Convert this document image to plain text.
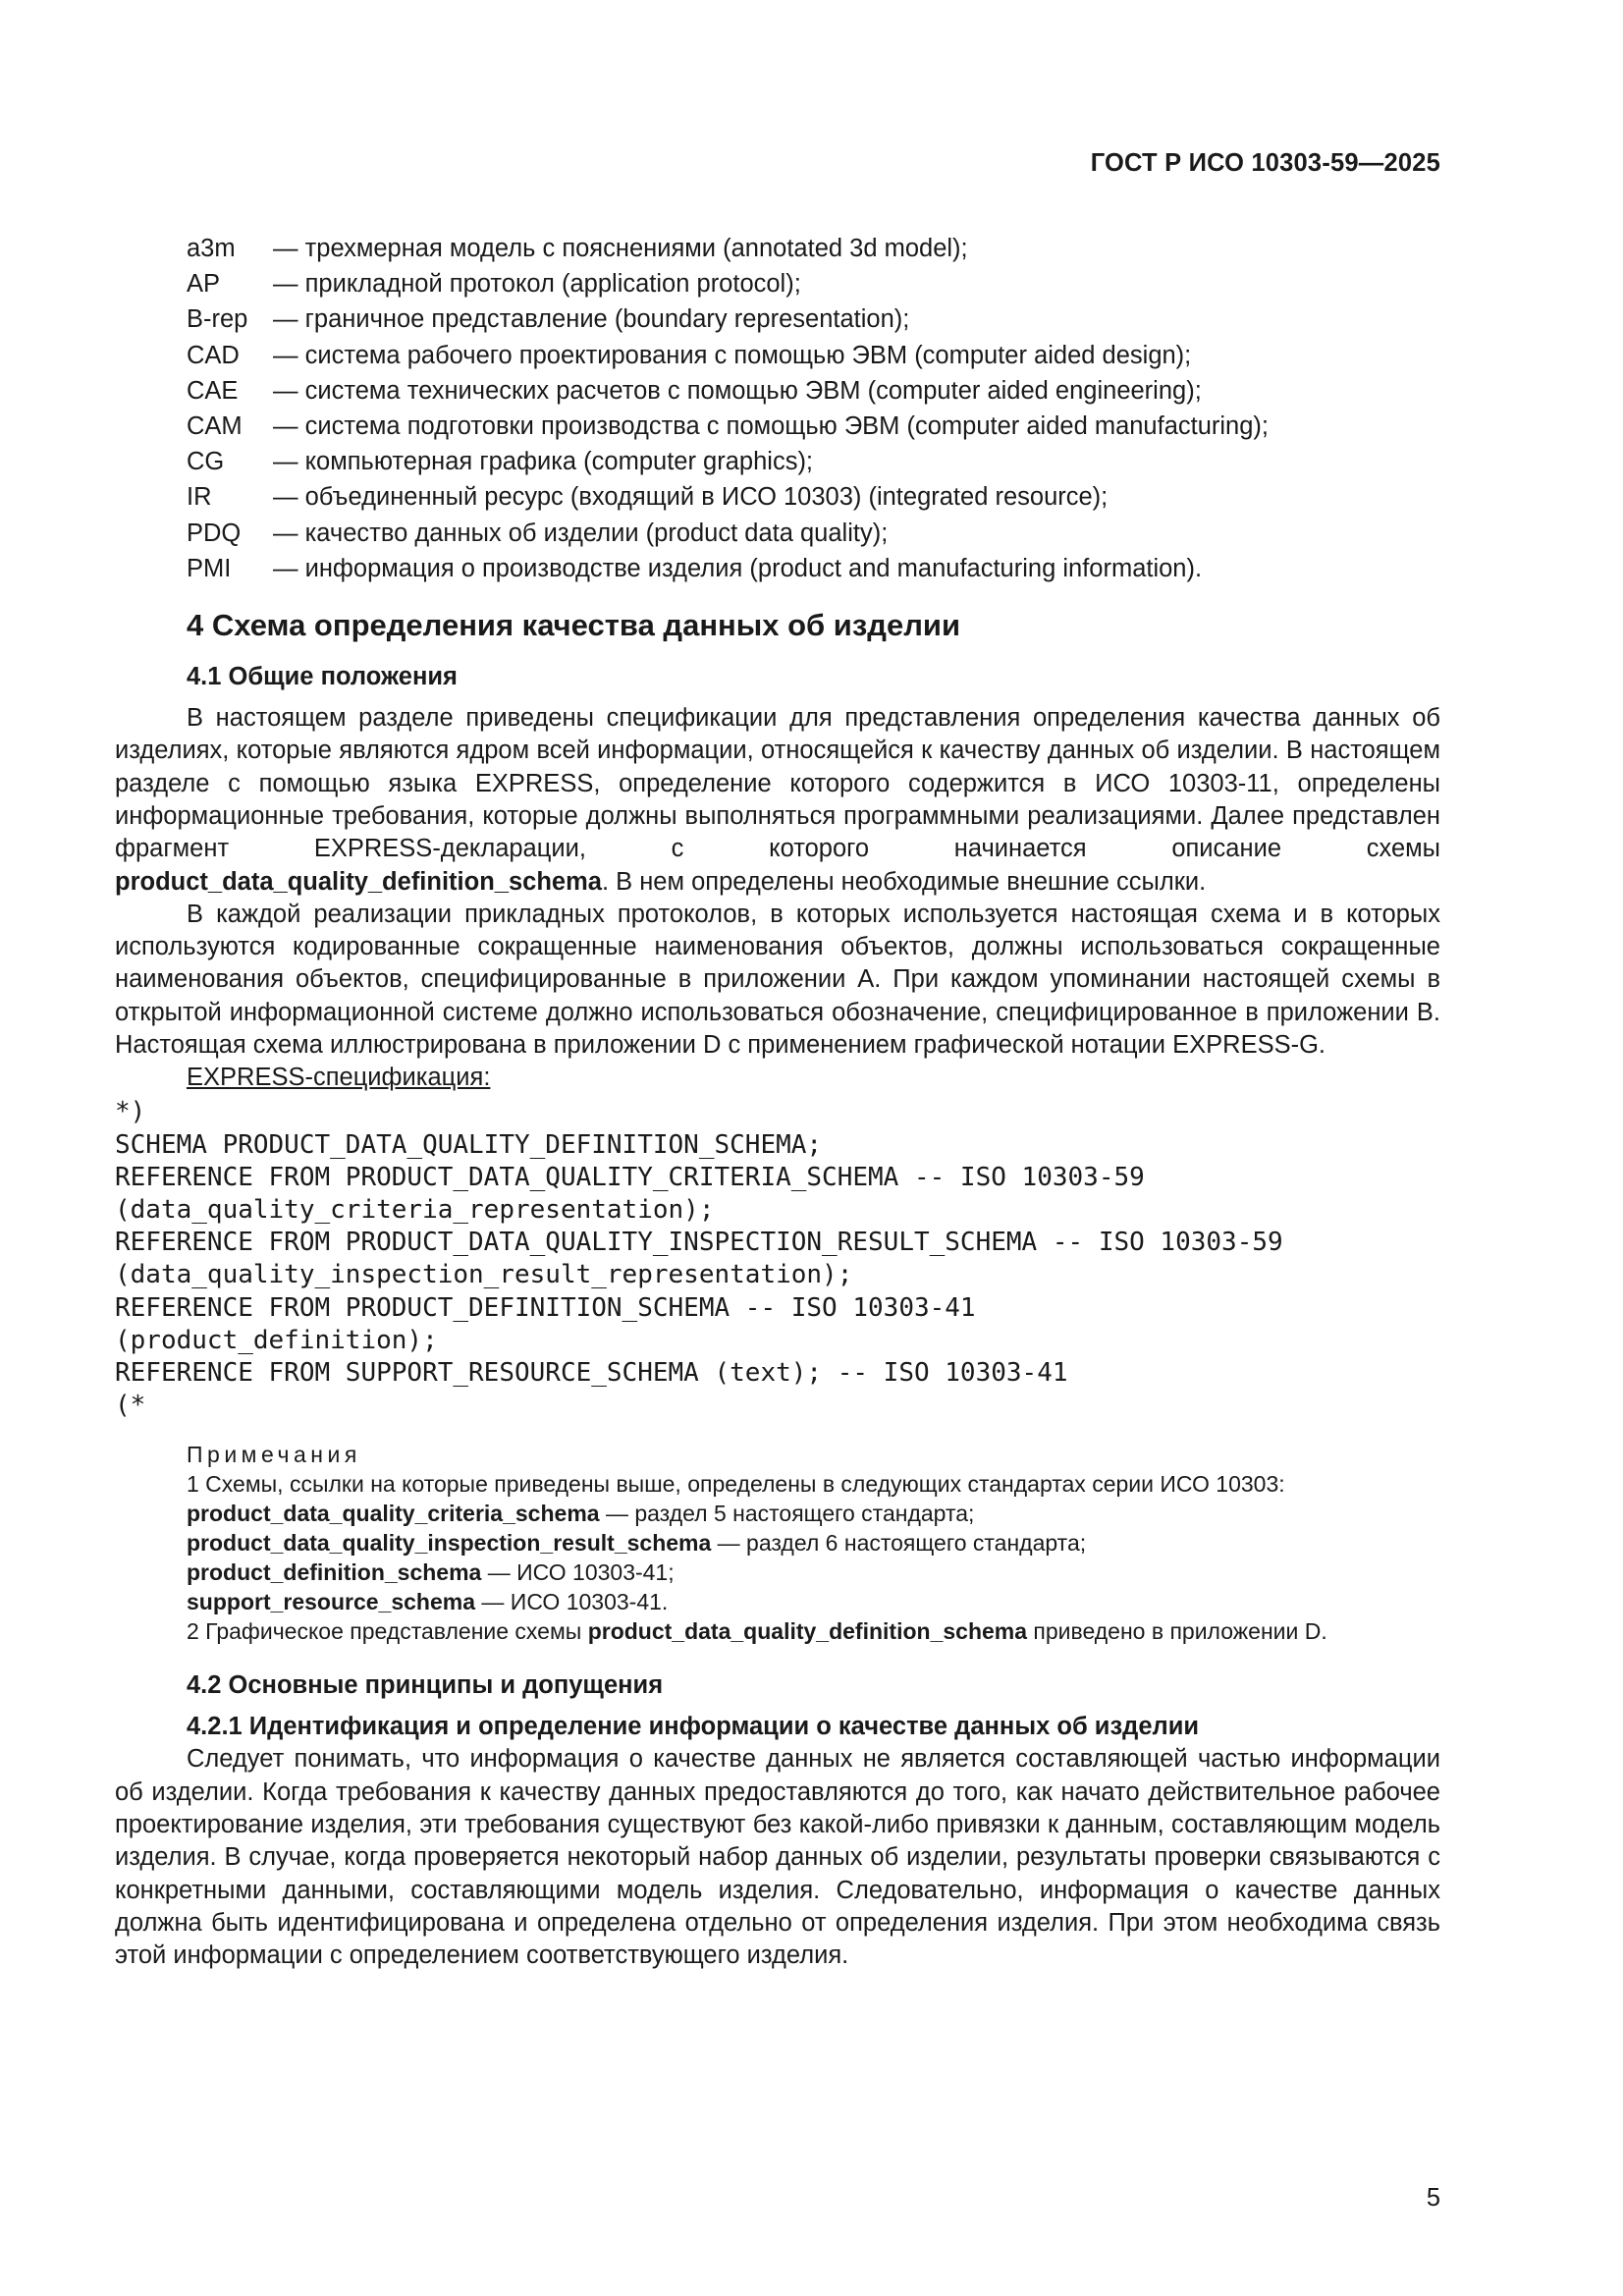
ГОСТ Р ИСО 10303-59—2025
a3m	— трехмерная модель с пояснениями (annotated 3d model);
AP	— прикладной протокол (application protocol);
B-rep	— граничное представление (boundary representation);
CAD	— система рабочего проектирования с помощью ЭВМ (computer aided design);
CAE	— система технических расчетов с помощью ЭВМ (computer aided engineering);
CAM	— система подготовки производства с помощью ЭВМ (computer aided manufacturing);
CG	— компьютерная графика (computer graphics);
IR	— объединенный ресурс (входящий в ИСО 10303) (integrated resource);
PDQ	— качество данных об изделии (product data quality);
PMI	— информация о производстве изделия (product and manufacturing information).
4 Схема определения качества данных об изделии
4.1 Общие положения

В настоящем разделе приведены спецификации для представления определения качества данных об изделиях, которые являются ядром всей информации, относящейся к качеству данных об изделии. В настоящем разделе с помощью языка EXPRESS, определение которого содержится в ИСО 10303-11, определены информационные требования, которые должны выполняться программными реализациями. Далее представлен фрагмент EXPRESS-декларации, с которого начинается описание схемы product_data_quality_definition_schema. В нем определены необходимые внешние ссылки.

В каждой реализации прикладных протоколов, в которых используется настоящая схема и в которых используются кодированные сокращенные наименования объектов, должны использоваться сокращенные наименования объектов, специфицированные в приложении A. При каждом упоминании настоящей схемы в открытой информационной системе должно использоваться обозначение, специфицированное в приложении B. Настоящая схема иллюстрирована в приложении D с применением графической нотации EXPRESS-G.

EXPRESS-спецификация:
*)
SCHEMA PRODUCT_DATA_QUALITY_DEFINITION_SCHEMA;
REFERENCE FROM PRODUCT_DATA_QUALITY_CRITERIA_SCHEMA -- ISO 10303-59
(data_quality_criteria_representation);
REFERENCE FROM PRODUCT_DATA_QUALITY_INSPECTION_RESULT_SCHEMA -- ISO 10303-59
(data_quality_inspection_result_representation);
REFERENCE FROM PRODUCT_DEFINITION_SCHEMA -- ISO 10303-41
(product_definition);
REFERENCE FROM SUPPORT_RESOURCE_SCHEMA (text); -- ISO 10303-41
(*
Примечания
1 Схемы, ссылки на которые приведены выше, определены в следующих стандартах серии ИСО 10303:
product_data_quality_criteria_schema — раздел 5 настоящего стандарта;
product_data_quality_inspection_result_schema — раздел 6 настоящего стандарта;
product_definition_schema — ИСО 10303-41;
support_resource_schema — ИСО 10303-41.
2 Графическое представление схемы product_data_quality_definition_schema приведено в приложении D.
4.2 Основные принципы и допущения
4.2.1 Идентификация и определение информации о качестве данных об изделии

Следует понимать, что информация о качестве данных не является составляющей частью информации об изделии. Когда требования к качеству данных предоставляются до того, как начато действительное рабочее проектирование изделия, эти требования существуют без какой-либо привязки к данным, составляющим модель изделия. В случае, когда проверяется некоторый набор данных об изделии, результаты проверки связываются с конкретными данными, составляющими модель изделия. Следовательно, информация о качестве данных должна быть идентифицирована и определена отдельно от определения изделия. При этом необходима связь этой информации с определением соответствующего изделия.

5
